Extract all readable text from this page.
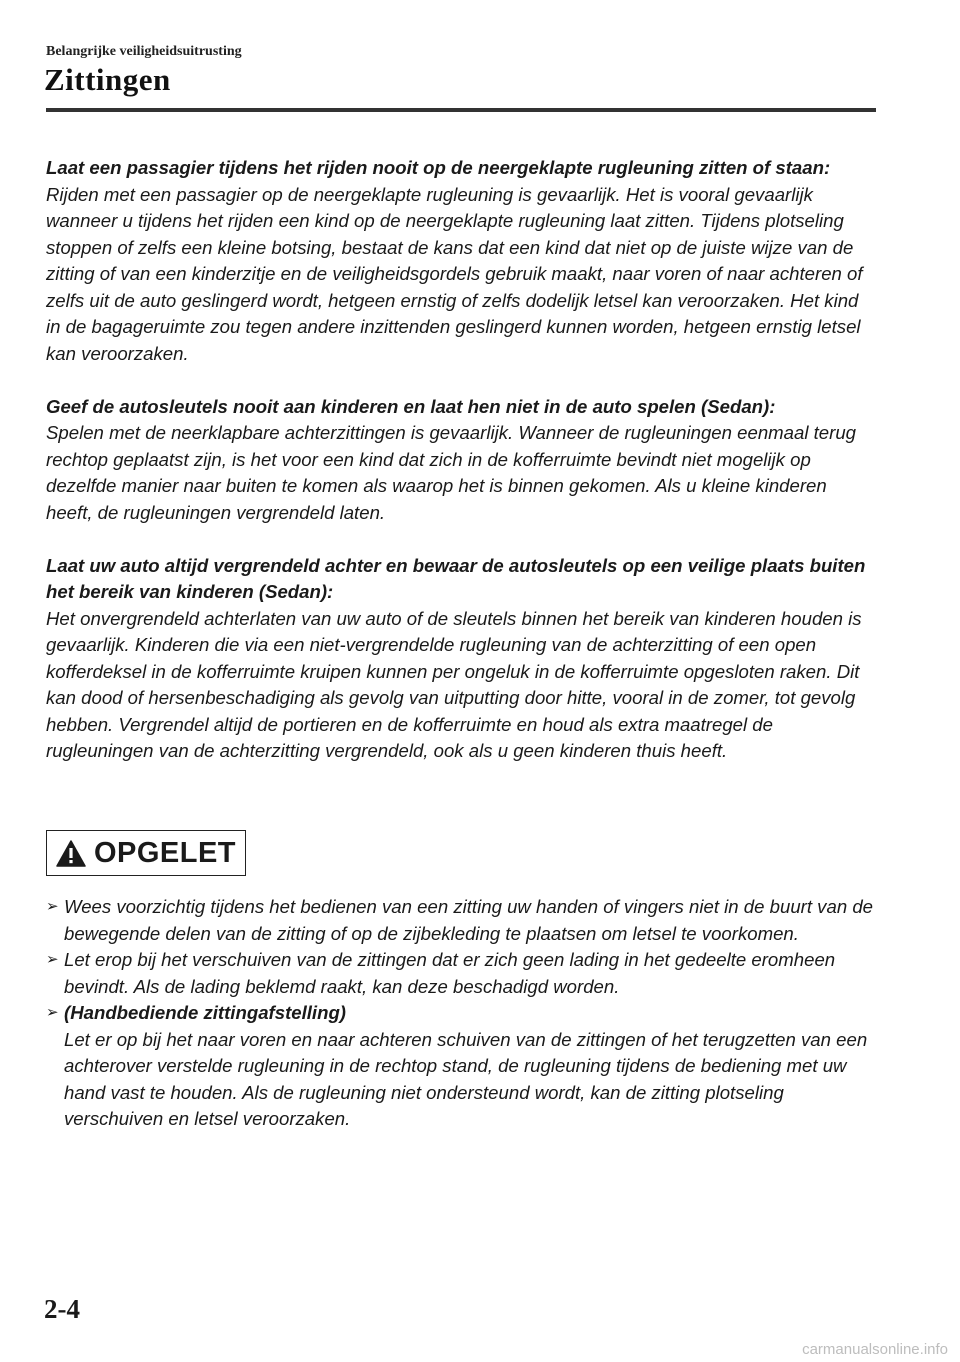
Belangrijke veiligheidsuitrusting
Zittingen

Laat een passagier tijdens het rijden nooit op de neergeklapte rugleuning zitten of staan:

Rijden met een passagier op de neergeklapte rugleuning is gevaarlijk. Het is vooral gevaarlijk wanneer u tijdens het rijden een kind op de neergeklapte rugleuning laat zitten. Tijdens plotseling stoppen of zelfs een kleine botsing, bestaat de kans dat een kind dat niet op de juiste wijze van de zitting of van een kinderzitje en de veiligheidsgordels gebruik maakt, naar voren of naar achteren of zelfs uit de auto geslingerd wordt, hetgeen ernstig of zelfs dodelijk letsel kan veroorzaken. Het kind in de bagageruimte zou tegen andere inzittenden geslingerd kunnen worden, hetgeen ernstig letsel kan veroorzaken.

Geef de autosleutels nooit aan kinderen en laat hen niet in de auto spelen (Sedan):

Spelen met de neerklapbare achterzittingen is gevaarlijk. Wanneer de rugleuningen eenmaal terug rechtop geplaatst zijn, is het voor een kind dat zich in de kofferruimte bevindt niet mogelijk op dezelfde manier naar buiten te komen als waarop het is binnen gekomen. Als u kleine kinderen heeft, de rugleuningen vergrendeld laten.

Laat uw auto altijd vergrendeld achter en bewaar de autosleutels op een veilige plaats buiten het bereik van kinderen (Sedan):

Het onvergrendeld achterlaten van uw auto of de sleutels binnen het bereik van kinderen houden is gevaarlijk. Kinderen die via een niet-vergrendelde rugleuning van de achterzitting of een open kofferdeksel in de kofferruimte kruipen kunnen per ongeluk in de kofferruimte opgesloten raken. Dit kan dood of hersenbeschadiging als gevolg van uitputting door hitte, vooral in de zomer, tot gevolg hebben. Vergrendel altijd de portieren en de kofferruimte en houd als extra maatregel de rugleuningen van de achterzitting vergrendeld, ook als u geen kinderen thuis heeft.

OPGELET
➢ Wees voorzichtig tijdens het bedienen van een zitting uw handen of vingers niet in de buurt van de bewegende delen van de zitting of op de zijbekleding te plaatsen om letsel te voorkomen.
➢ Let erop bij het verschuiven van de zittingen dat er zich geen lading in het gedeelte eromheen bevindt. Als de lading beklemd raakt, kan deze beschadigd worden.
➢ (Handbediende zittingafstelling)
Let er op bij het naar voren en naar achteren schuiven van de zittingen of het terugzetten van een achterover verstelde rugleuning in de rechtop stand, de rugleuning tijdens de bediening met uw hand vast te houden. Als de rugleuning niet ondersteund wordt, kan de zitting plotseling verschuiven en letsel veroorzaken.
2-4
carmanualsonline.info
